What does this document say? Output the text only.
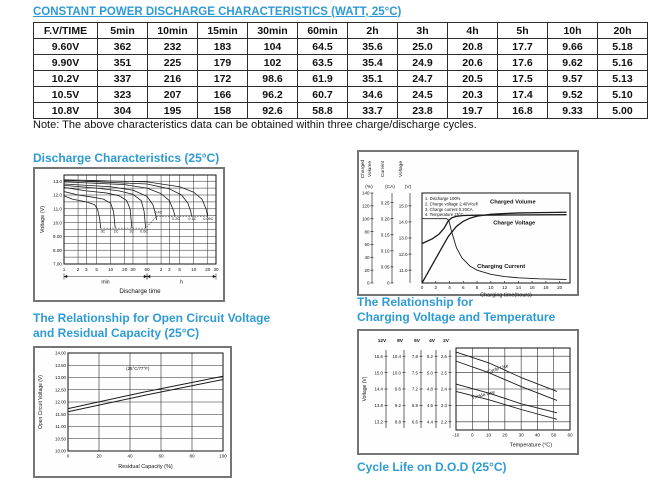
CONSTANT POWER DISCHARGE CHARACTERISTICS (WATT, 25°C)
F.V/TIME	5min	10min	15min	30min	60min	2h	3h	4h	5h	10h	20h
9.60V	362	232	183	104	64.5	35.6	25.0	20.8	17.7	9.66	5.18
9.90V	351	225	179	102	63.5	35.4	24.9	20.6	17.6	9.62	5.16
10.2V	337	216	172	98.6	61.9	35.1	24.7	20.5	17.5	9.57	5.13
10.5V	323	207	166	96.2	60.7	34.6	24.5	20.3	17.4	9.52	5.10
10.8V	304	195	158	92.6	58.8	33.7	23.8	19.7	16.8	9.33	5.00
Note: The above characteristics data can be obtained within three charge/discharge cycles.
Discharge Characteristics (25°C)
13.0
12.0
11.0
10.0
9.00
8.00
7.00
1 2 3 5 10 20 30 60 2 3 5 10 20 30
Voltage (V)
min	h
Discharge time
3C 2C	1C 0.6C
0.4C
0.2C 0.1C 0.05C
Charged Volume
(%)
140
120
100
80
60
40
20
0
Current
(CA)
0.25
0.20
0.15
0.10
0.05
0
Voltage
(V)
15.0
14.0
13.0
12.0
11.0
1. Discharge 100%
2. Charge voltage 2.40V/cell
3. Charge current 0.20CA
4. Temperature 25°C
0 2 4 6 8 10 12 14 16 18 20
Charging time(hours)
Charged Volume
Charge Voltage
Charging Current
The Relationship for Open Circuit Voltage
and Residual Capacity (25°C)
0	20	40	60	80	100
14.00
13.50
13.00
12.50
12.00
11.50
11.00
10.50
10.00
Open Circuit Voltage (V)
Residual Capacity (%)
(25°C/77°F)
The Relationship for
Charging Voltage and Temperature
12V
15.6
15.0
14.4
13.8
13.2
8V
10.4
10.0
9.6
9.2
8.8
6V
7.8
7.5
7.2
6.9
6.6
4V
5.2
5.0
4.8
4.6
4.4
2V
2.6
2.5
2.4
2.3
2.2
Voltage (V)
-10	0	10 20 30 40 50 60
Temperature (°C)
Cycle Use
Trickle Use
Cycle Life on D.O.D (25°C)
